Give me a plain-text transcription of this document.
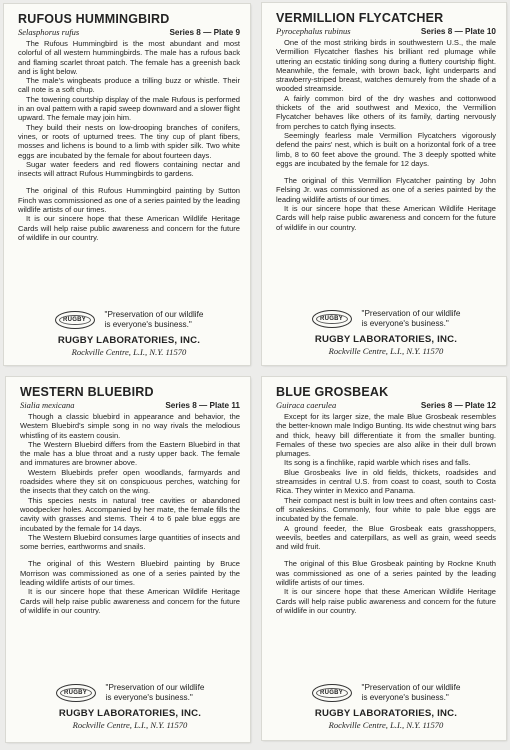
RUFOUS HUMMINGBIRD
Selasphorus rufus	Series 8 — Plate 9

The Rufous Hummingbird is the most abundant and most colorful of all western hummingbirds. The male has a rufous back and flaming scarlet throat patch. The female has a greenish back and is light below.

The male's wingbeats produce a trilling buzz or whistle. Their call note is a soft chup.

The towering courtship display of the male Rufous is performed in an oval pattern with a rapid sweep downward and a slower flight upward. The female may join him.

They build their nests on low-drooping branches of conifers, vines, or roots of upturned trees. The tiny cup of plant fibers, mosses and lichens is bound to a limb with spider silk. Two white eggs are incubated by the female for about fourteen days.

Sugar water feeders and red flowers containing nectar and insects will attract Rufous Hummingbirds to gardens.

The original of this Rufous Hummingbird painting by Sutton Finch was commissioned as one of a series painted by the leading wildlife artists of our times.

It is our sincere hope that these American Wildlife Heritage Cards will help raise public awareness and concern for the future of wildlife in our country.

RUGBY
"Preservation of our wildlife
is everyone's business."
RUGBY LABORATORIES, INC.
Rockville Centre, L.I., N.Y. 11570
VERMILLION FLYCATCHER
Pyrocephalus rubinus	Series 8 — Plate 10

One of the most striking birds in southwestern U.S., the male Vermillion Flycatcher flashes his brilliant red plumage while uttering an ecstatic tinkling song during a fluttery courtship flight. Meanwhile, the female, with brown back, light underparts and strawberry-striped breast, watches demurely from the shade of a wooded streamside.

A fairly common bird of the dry washes and cottonwood thickets of the arid southwest and Mexico, the Vermillion Flycatcher behaves like others of its family, darting nervously from perches to catch flying insects.

Seemingly fearless male Vermillion Flycatchers vigorously defend the pairs' nest, which is built on a horizontal fork of a tree limb, 8 to 60 feet above the ground. The 3 deeply spotted white eggs are incubated by the female for 12 days.

The original of this Vermillion Flycatcher painting by John Felsing Jr. was commissioned as one of a series painted by the leading wildlife artists of our times.

It is our sincere hope that these American Wildlife Heritage Cards will help raise public awareness and concern for the future of wildlife in our country.

RUGBY
"Preservation of our wildlife
is everyone's business."
RUGBY LABORATORIES, INC.
Rockville Centre, L.I., N.Y. 11570
WESTERN BLUEBIRD
Sialia mexicana	Series 8 — Plate 11

Though a classic bluebird in appearance and behavior, the Western Bluebird's simple song in no way rivals the melodious whistling of its eastern cousin.

The Western Bluebird differs from the Eastern Bluebird in that the male has a blue throat and a rusty upper back. The female and immatures are browner above.

Western Bluebirds prefer open woodlands, farmyards and roadsides where they sit on conspicuous perches, watching for the insects that they catch on the wing.

This species nests in natural tree cavities or abandoned woodpecker holes. Accompanied by her mate, the female fills the cavity with grasses and stems. Their 4 to 6 pale blue eggs are incubated by the female for 14 days.

The Western Bluebird consumes large quantities of insects and some berries, earthworms and snails.

The original of this Western Bluebird painting by Bruce Morrison was commissioned as one of a series painted by the leading wildlife artists of our times.

It is our sincere hope that these American Wildlife Heritage Cards will help raise public awareness and concern for the future of wildlife in our country.

RUGBY
"Preservation of our wildlife
is everyone's business."
RUGBY LABORATORIES, INC.
Rockville Centre, L.I., N.Y. 11570
BLUE GROSBEAK
Guiraca caerulea	Series 8 — Plate 12

Except for its larger size, the male Blue Grosbeak resembles the better-known male Indigo Bunting. Its wide chestnut wing bars and thick, heavy bill differentiate it from the smaller bunting. Females of these two species are also alike in their dull brown plumages.

Its song is a finchlike, rapid warble which rises and falls.

Blue Grosbeaks live in old fields, thickets, roadsides and streamsides in central U.S. from coast to coast, south to Costa Rica. They winter in Mexico and Panama.

Their compact nest is built in low trees and often contains cast-off snakeskins. Commonly, four white to pale blue eggs are incubated by the female.

A ground feeder, the Blue Grosbeak eats grasshoppers, weevils, beetles and caterpillars, as well as grain, weed seeds and wild fruit.

The original of this Blue Grosbeak painting by Rockne Knuth was commissioned as one of a series painted by the leading wildlife artists of our times.

It is our sincere hope that these American Wildlife Heritage Cards will help raise public awareness and concern for the future of wildlife in our country.

RUGBY
"Preservation of our wildlife
is everyone's business."
RUGBY LABORATORIES, INC.
Rockville Centre, L.I., N.Y. 11570
